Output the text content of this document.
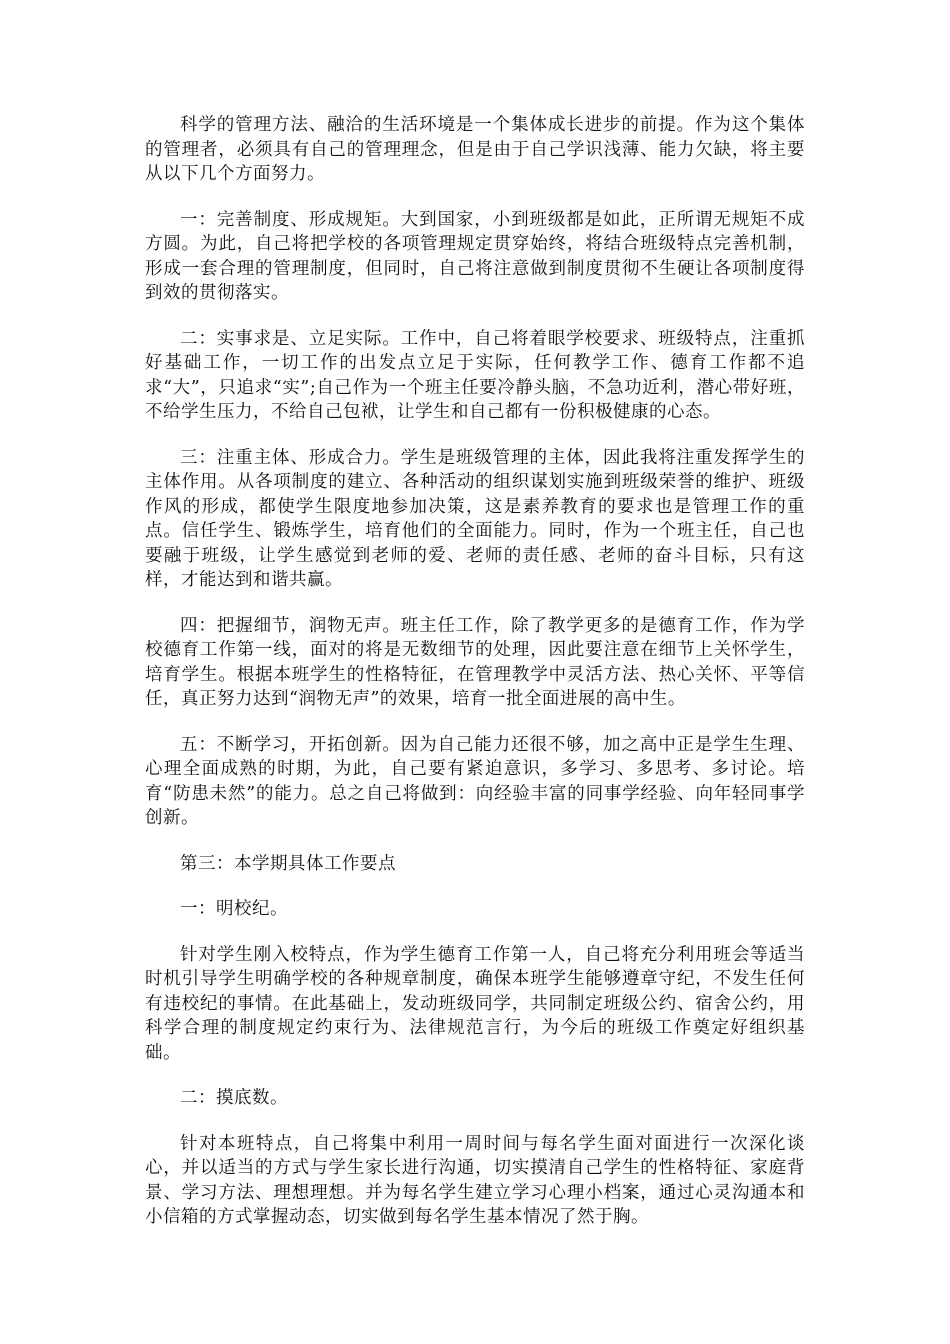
科学的管理方法、融洽的生活环境是一个集体成长进步的前提。作为这个集体的管理者，必须具有自己的管理理念，但是由于自己学识浅薄、能力欠缺，将主要从以下几个方面努力。

一：完善制度、形成规矩。大到国家，小到班级都是如此，正所谓无规矩不成方圆。为此，自己将把学校的各项管理规定贯穿始终，将结合班级特点完善机制，形成一套合理的管理制度，但同时，自己将注意做到制度贯彻不生硬让各项制度得到效的贯彻落实。

二：实事求是、立足实际。工作中，自己将着眼学校要求、班级特点，注重抓好基础工作，一切工作的出发点立足于实际，任何教学工作、德育工作都不追求“大”，只追求“实”;自己作为一个班主任要冷静头脑，不急功近利，潜心带好班，不给学生压力，不给自己包袱，让学生和自己都有一份积极健康的心态。

三：注重主体、形成合力。学生是班级管理的主体，因此我将注重发挥学生的主体作用。从各项制度的建立、各种活动的组织谋划实施到班级荣誉的维护、班级作风的形成，都使学生限度地参加决策，这是素养教育的要求也是管理工作的重点。信任学生、锻炼学生，培育他们的全面能力。同时，作为一个班主任，自己也要融于班级，让学生感觉到老师的爱、老师的责任感、老师的奋斗目标，只有这样，才能达到和谐共赢。

四：把握细节，润物无声。班主任工作，除了教学更多的是德育工作，作为学校德育工作第一线，面对的将是无数细节的处理，因此要注意在细节上关怀学生，培育学生。根据本班学生的性格特征，在管理教学中灵活方法、热心关怀、平等信任，真正努力达到“润物无声”的效果，培育一批全面进展的高中生。

五：不断学习，开拓创新。因为自己能力还很不够，加之高中正是学生生理、心理全面成熟的时期，为此，自己要有紧迫意识，多学习、多思考、多讨论。培育“防患未然”的能力。总之自己将做到：向经验丰富的同事学经验、向年轻同事学创新。

第三：本学期具体工作要点

一：明校纪。

针对学生刚入校特点，作为学生德育工作第一人，自己将充分利用班会等适当时机引导学生明确学校的各种规章制度，确保本班学生能够遵章守纪，不发生任何有违校纪的事情。在此基础上，发动班级同学，共同制定班级公约、宿舍公约，用科学合理的制度规定约束行为、法律规范言行，为今后的班级工作奠定好组织基础。

二：摸底数。

针对本班特点，自己将集中利用一周时间与每名学生面对面进行一次深化谈心，并以适当的方式与学生家长进行沟通，切实摸清自己学生的性格特征、家庭背景、学习方法、理想理想。并为每名学生建立学习心理小档案，通过心灵沟通本和小信箱的方式掌握动态，切实做到每名学生基本情况了然于胸。
